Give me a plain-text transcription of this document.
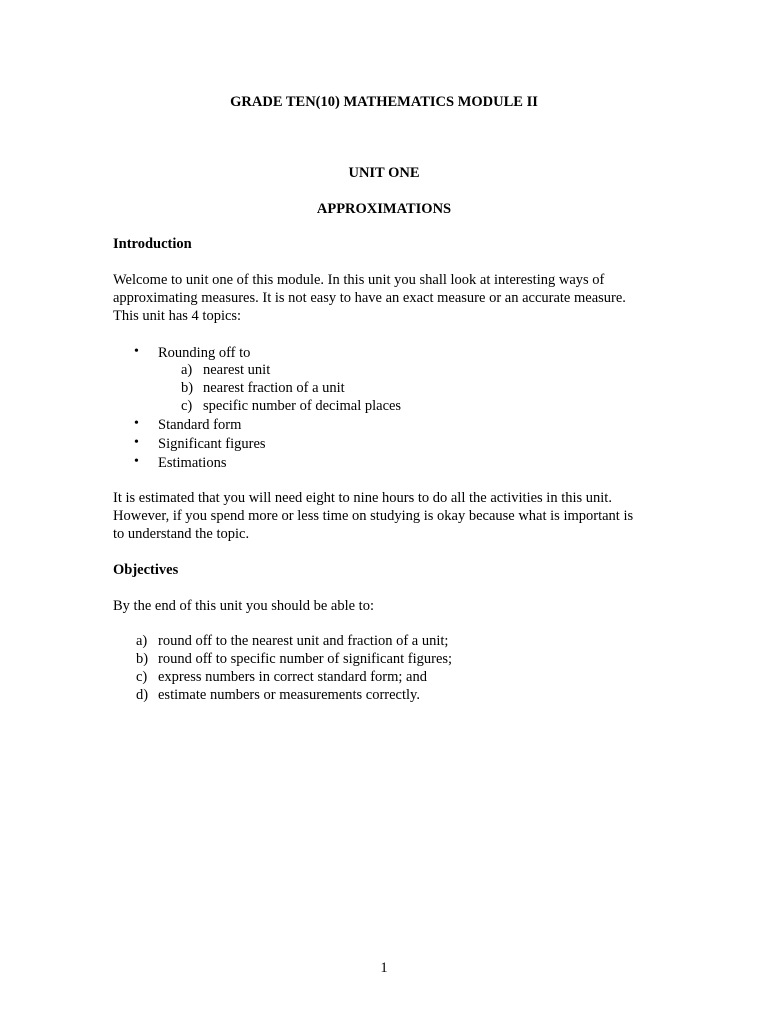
GRADE TEN(10) MATHEMATICS MODULE II
UNIT ONE
APPROXIMATIONS
Introduction
Welcome to unit one of this module. In this unit you shall look at interesting ways of
approximating measures. It is not easy to have an exact measure or an accurate measure.
This unit has 4 topics:
• Rounding off to
a) nearest unit
b) nearest fraction of a unit
c) specific number of decimal places
• Standard form
• Significant figures
• Estimations
It is estimated that you will need eight to nine hours to do all the activities in this unit.
However, if you spend more or less time on studying is okay because what is important is
to understand the topic.
Objectives
By the end of this unit you should be able to:
a) round off to the nearest unit and fraction of a unit;
b) round off to specific number of significant figures;
c) express numbers in correct standard form; and
d) estimate numbers or measurements correctly.
1
